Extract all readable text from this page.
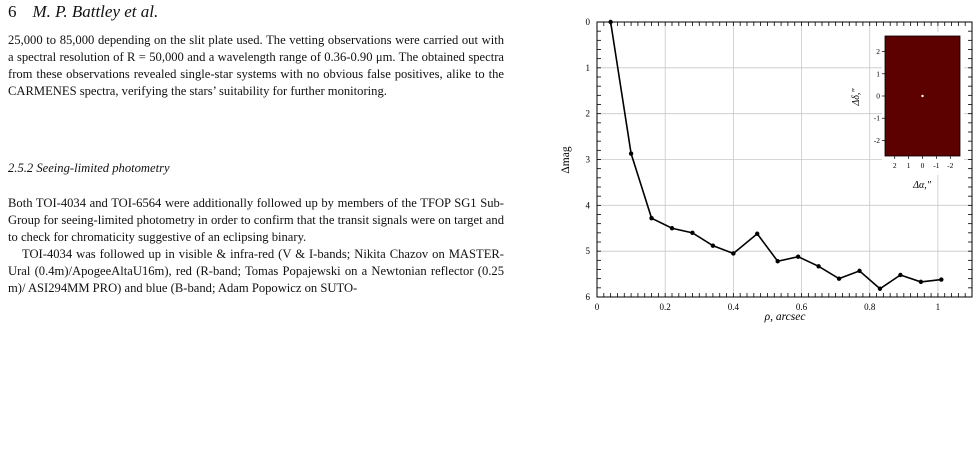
6 M. P. Battley et al.

25,000 to 85,000 depending on the slit plate used. The vetting observations were carried out with a spectral resolution of R = 50,000 and a wavelength range of 0.36-0.90 μm. The obtained spectra from these observations revealed single-star systems with no obvious false positives, alike to the CARMENES spectra, verifying the stars’ suitability for further monitoring.

2.5.2 Seeing-limited photometry

Both TOI-4034 and TOI-6564 were additionally followed up by members of the TFOP SG1 Sub-Group for seeing-limited photometry in order to confirm that the transit signals were on target and to check for chromaticity suggestive of an eclipsing binary.

TOI-4034 was followed up in visible & infra-red (V & I-bands; Nikita Chazov on MASTER-Ural (0.4m)/ApogeeAltaU16m), red (R-band; Tomas Popajewski on a Newtonian reflector (0.25 m)/ ASI294MM PRO) and blue (B-band; Adam Popowicz on SUTO-

0	0.2	0.4	0.6	0.8	1
0
1
2
3
4
5
6
ρ, arcsec
Δmag	2 1 0 -1 -2
2
1
0
-1
-2
Δα,″
Δδ,″
